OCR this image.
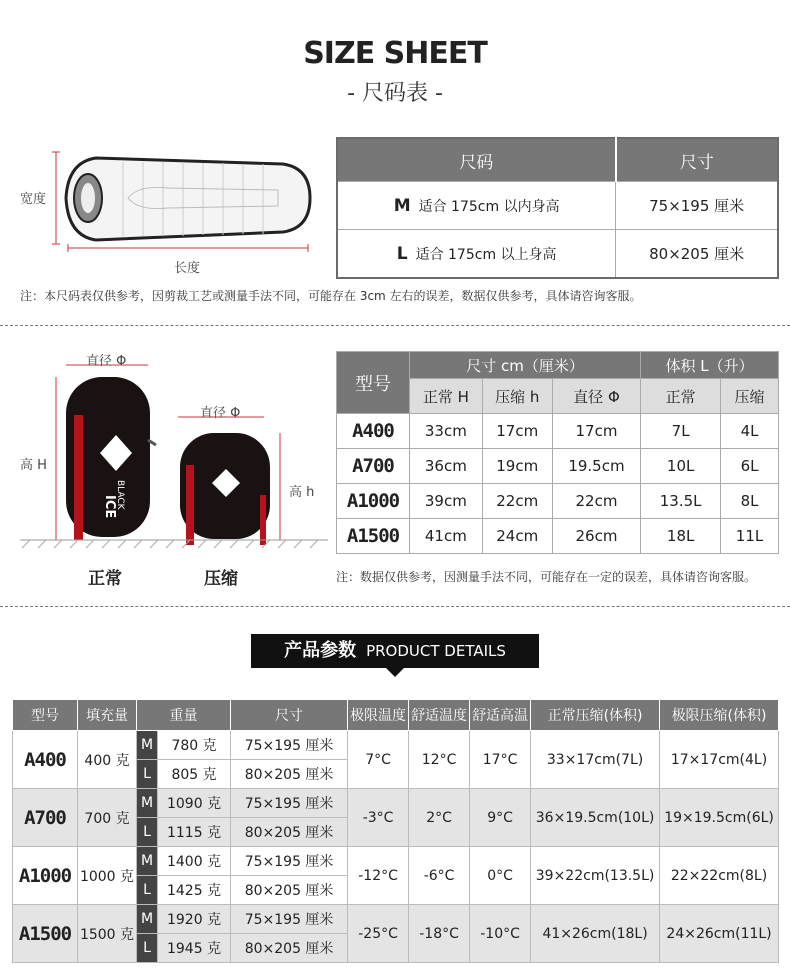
SIZE SHEET
- 尺码表 -
宽度
长度
尺码	尺寸
M 适合 175cm 以内身高	75×195 厘米
L 适合 175cm 以上身高	80×205 厘米
注：本尺码表仅供参考，因剪裁工艺或测量手法不同，可能存在 3cm 左右的误差，数据仅供参考，具体请咨询客服。
BLACK
ICE
直径 Φ
直径 Φ
高 H
高 h
正常	压缩
型号	尺寸 cm（厘米）			体积 L（升）	
	正常 H	压缩 h	直径 Φ	正常	压缩
A400	33cm	17cm	17cm	7L	4L
A700	36cm	19cm	19.5cm	10L	6L
A1000	39cm	22cm	22cm	13.5L	8L
A1500	41cm	24cm	26cm	18L	11L
注：数据仅供参考，因测量手法不同，可能存在一定的误差，具体请咨询客服。
产品参数 PRODUCT DETAILS
型号	填充量	重量		尺寸	极限温度	舒适温度	舒适高温	正常压缩(体积)	极限压缩(体积)
A400	400 克	M	780 克	75×195 厘米	7°C	12°C	17°C	33×17cm(7L)	17×17cm(4L)
		L	805 克	80×205 厘米					
A700	700 克	M	1090 克	75×195 厘米	-3°C	2°C	9°C	36×19.5cm(10L)	19×19.5cm(6L)
		L	1115 克	80×205 厘米					
A1000	1000 克	M	1400 克	75×195 厘米	-12°C	-6°C	0°C	39×22cm(13.5L)	22×22cm(8L)
		L	1425 克	80×205 厘米					
A1500	1500 克	M	1920 克	75×195 厘米	-25°C	-18°C	-10°C	41×26cm(18L)	24×26cm(11L)
		L	1945 克	80×205 厘米					
